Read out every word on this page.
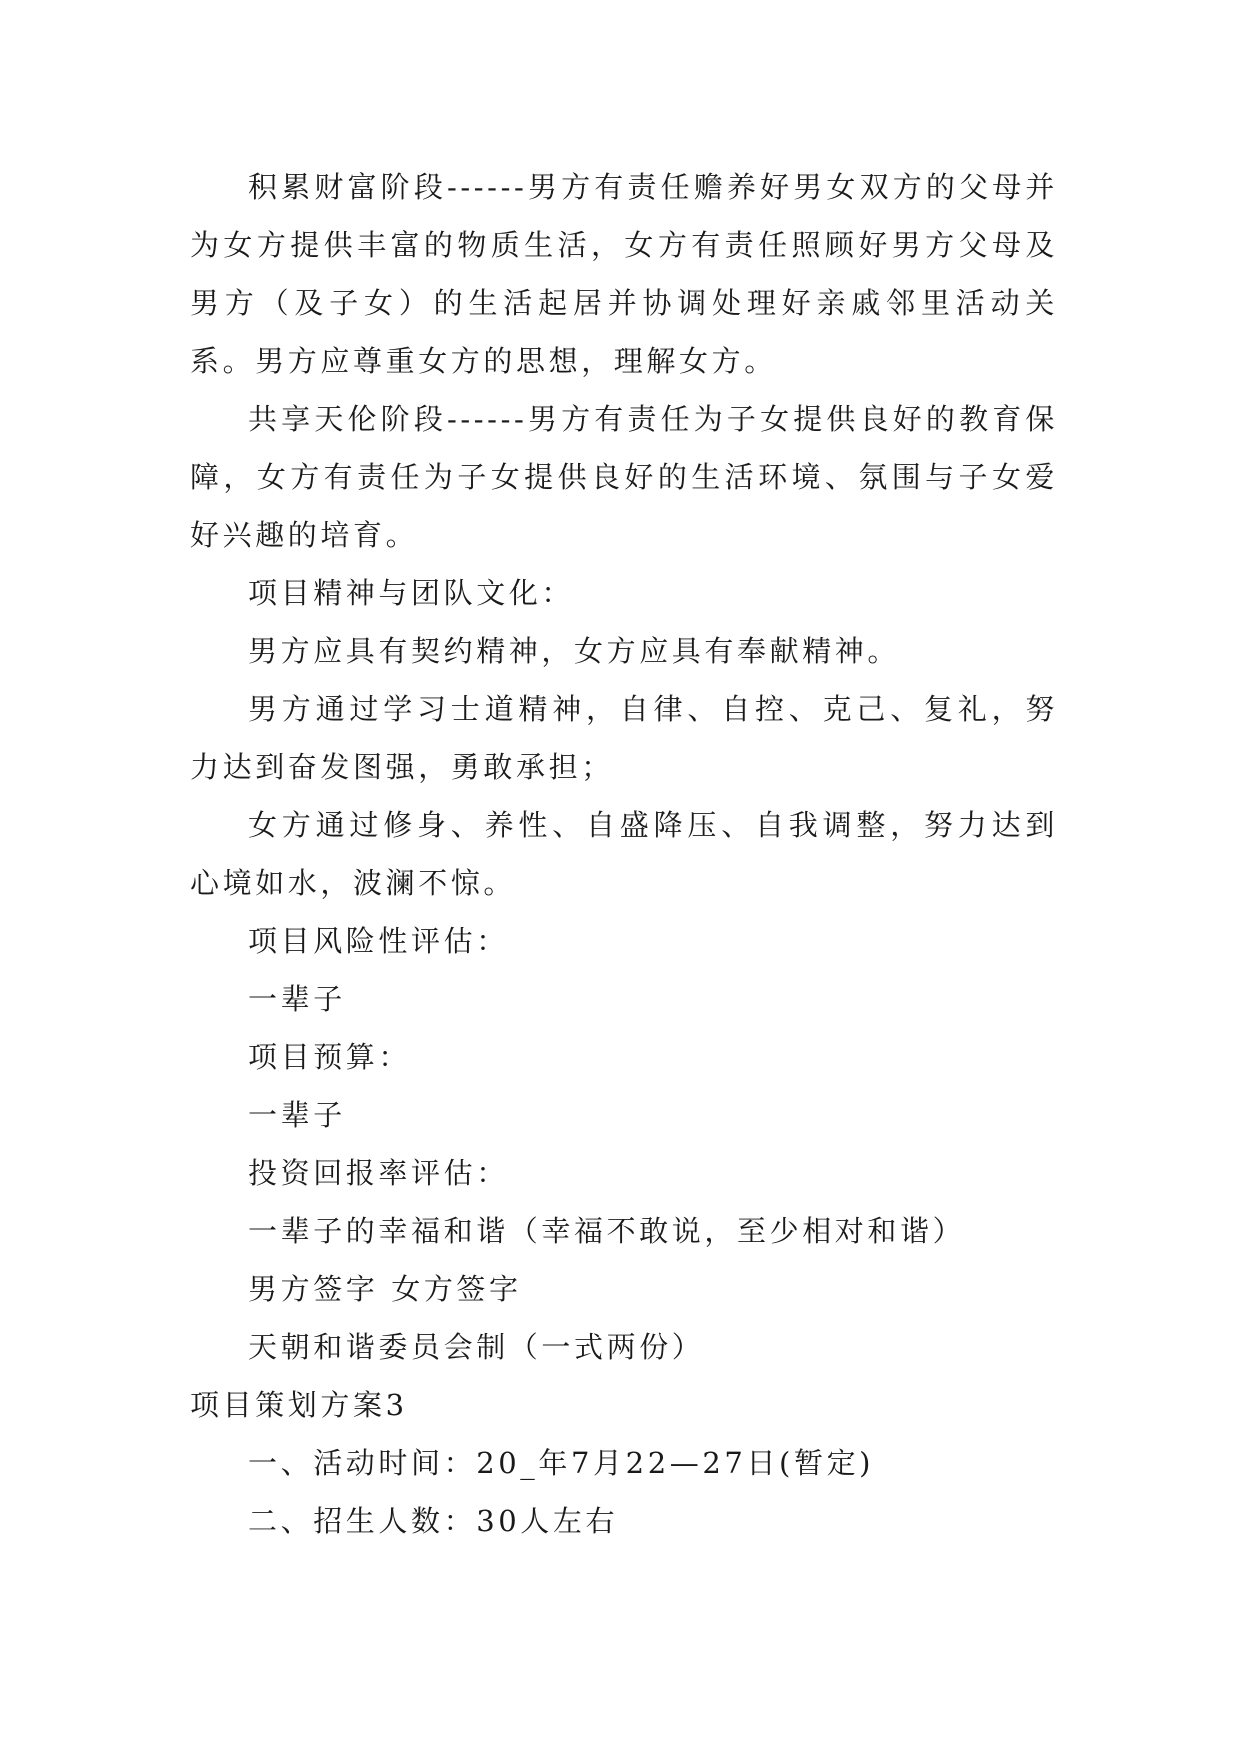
积累财富阶段------男方有责任赡养好男女双方的父母并为女方提供丰富的物质生活，女方有责任照顾好男方父母及男方（及子女）的生活起居并协调处理好亲戚邻里活动关系。男方应尊重女方的思想，理解女方。

共享天伦阶段------男方有责任为子女提供良好的教育保障，女方有责任为子女提供良好的生活环境、氛围与子女爱好兴趣的培育。

项目精神与团队文化：

男方应具有契约精神，女方应具有奉献精神。

男方通过学习士道精神，自律、自控、克己、复礼，努力达到奋发图强，勇敢承担；

女方通过修身、养性、自盛降压、自我调整，努力达到心境如水，波澜不惊。

项目风险性评估：

一辈子

项目预算：

一辈子

投资回报率评估：

一辈子的幸福和谐（幸福不敢说，至少相对和谐）

男方签字 女方签字

天朝和谐委员会制（一式两份）

项目策划方案3

一、活动时间：20_年7月22—27日(暂定)

二、招生人数：30人左右
